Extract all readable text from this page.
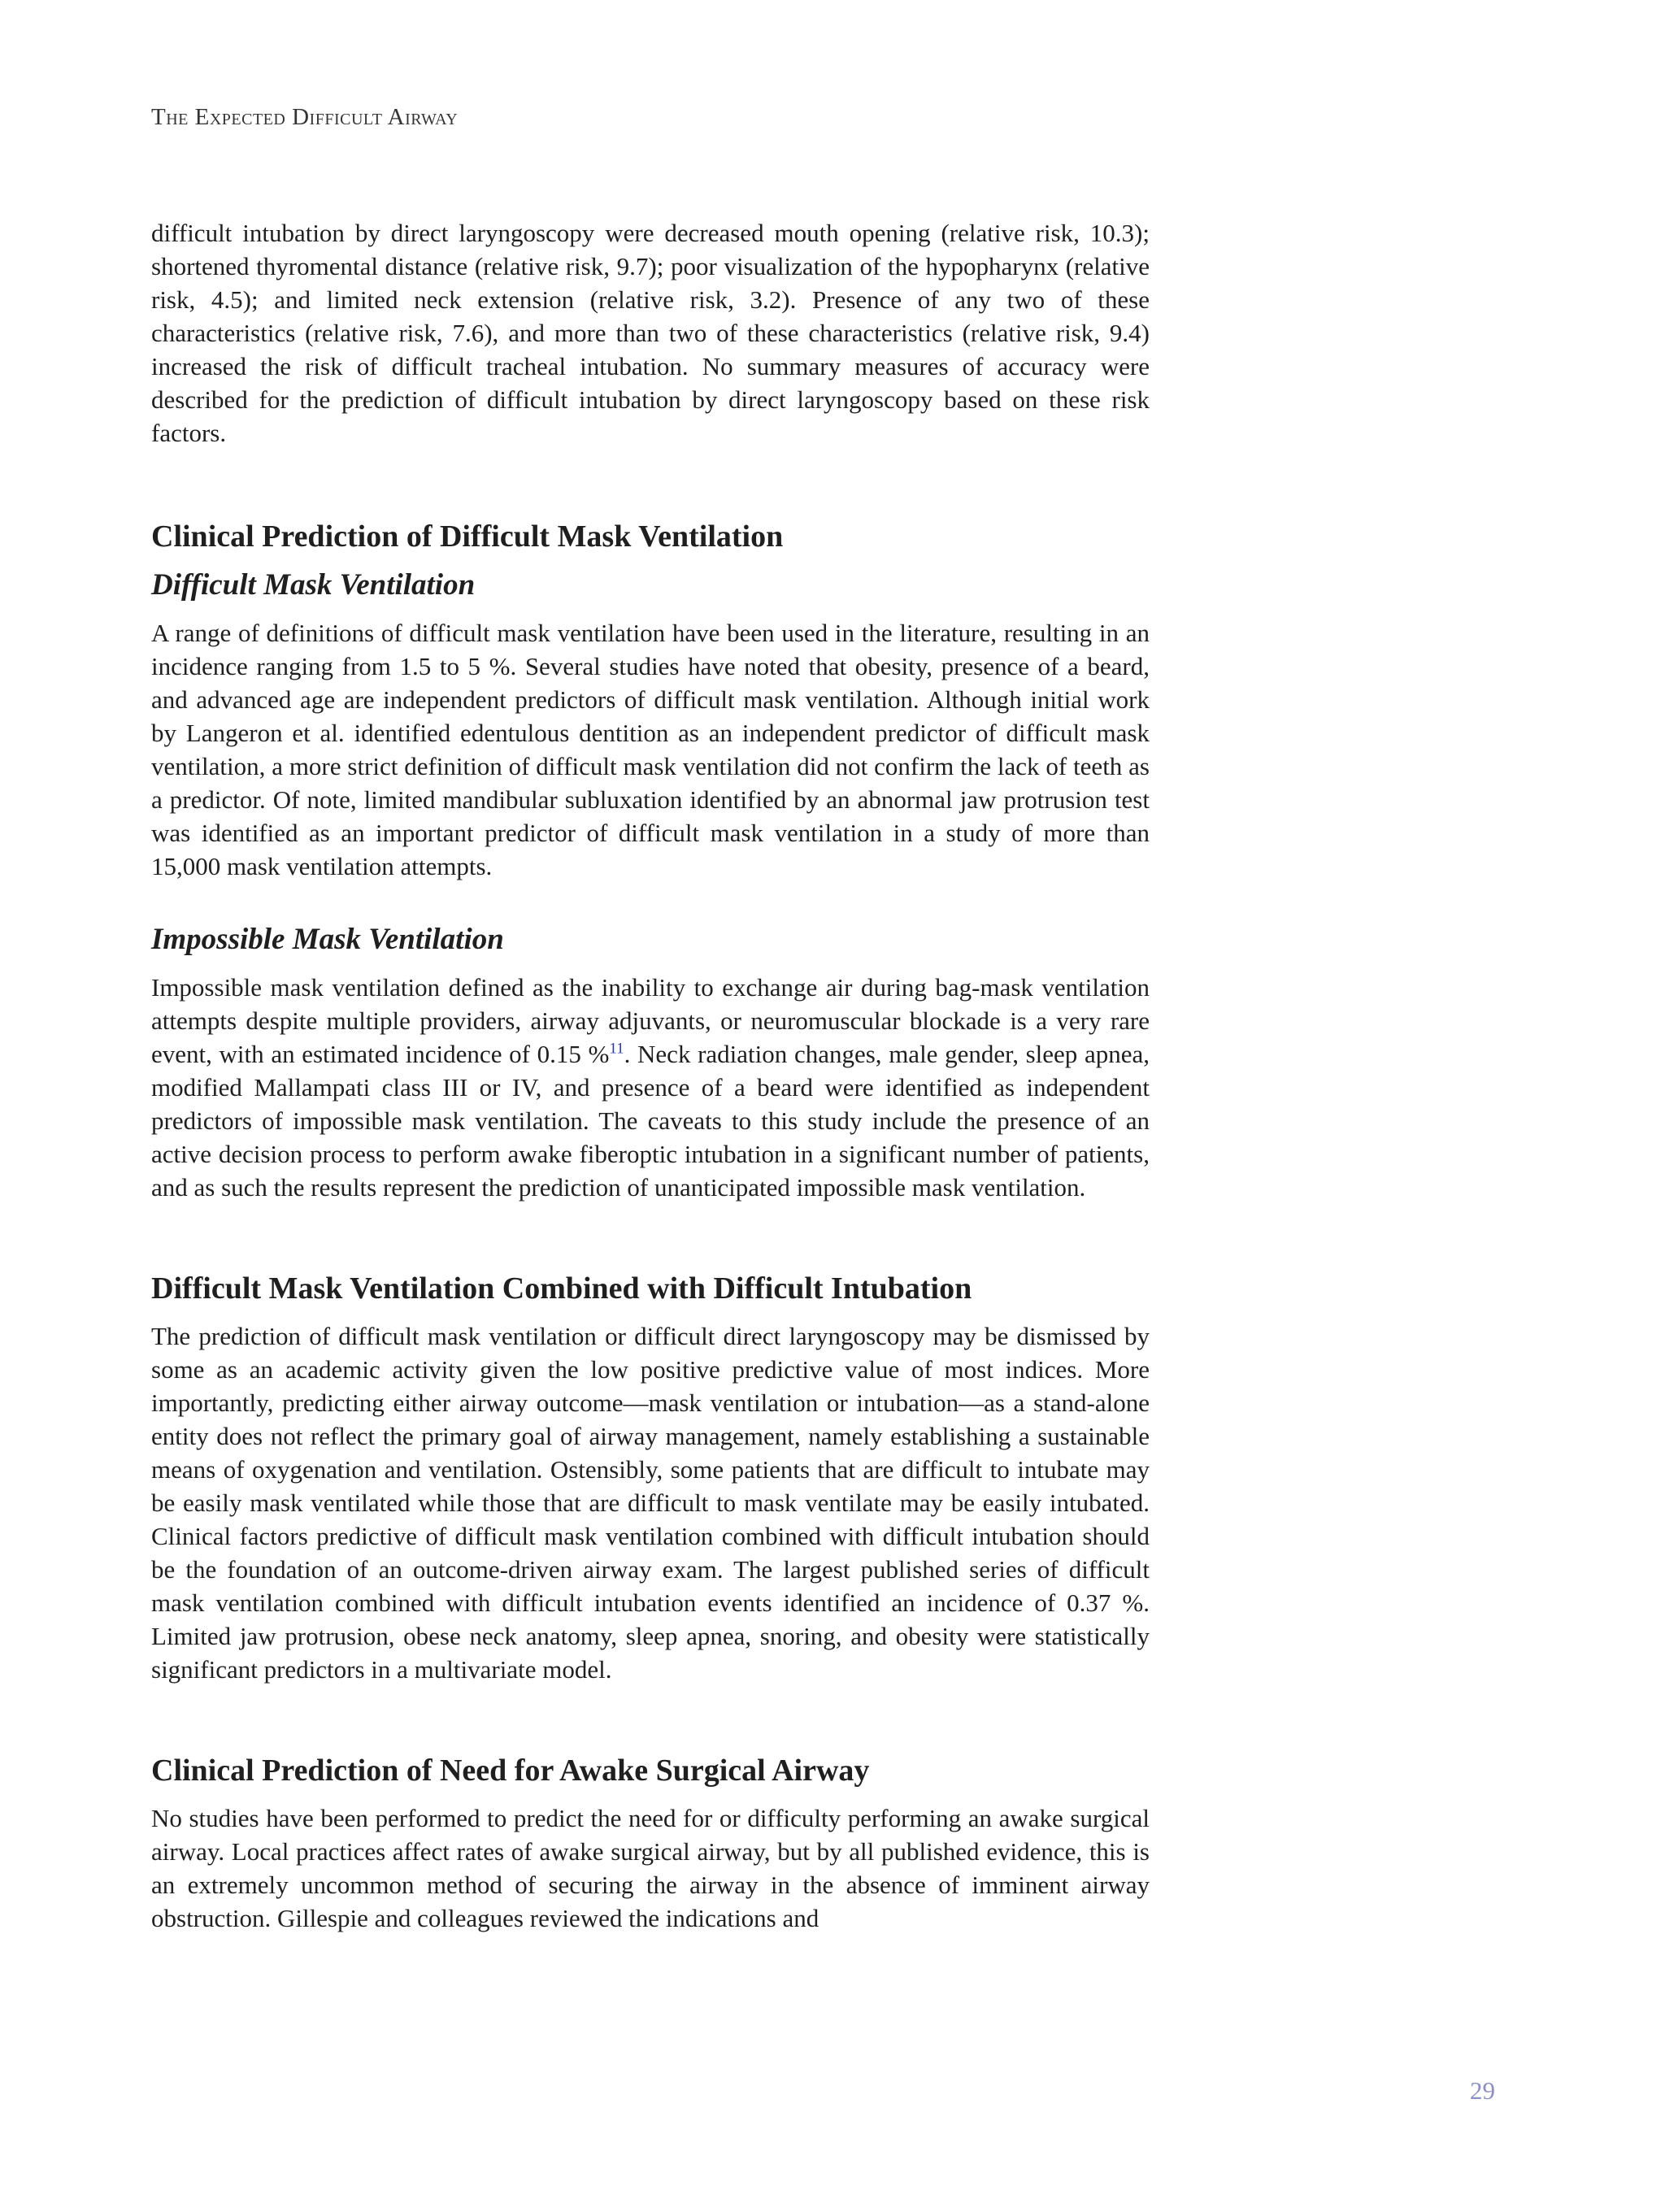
The Expected Difficult Airway

difficult intubation by direct laryngoscopy were decreased mouth opening (relative risk, 10.3); shortened thyromental distance (relative risk, 9.7); poor visualization of the hypopharynx (relative risk, 4.5); and limited neck extension (relative risk, 3.2). Presence of any two of these characteristics (relative risk, 7.6), and more than two of these characteristics (relative risk, 9.4) increased the risk of difficult tracheal intubation. No summary measures of accuracy were described for the prediction of difficult intubation by direct laryngoscopy based on these risk factors.

Clinical Prediction of Difficult Mask Ventilation
Difficult Mask Ventilation

A range of definitions of difficult mask ventilation have been used in the literature, resulting in an incidence ranging from 1.5 to 5 %. Several studies have noted that obesity, presence of a beard, and advanced age are independent predictors of difficult mask ventilation. Although initial work by Langeron et al. identified edentulous dentition as an independent predictor of difficult mask ventilation, a more strict definition of difficult mask ventilation did not confirm the lack of teeth as a predictor. Of note, limited mandibular subluxation identified by an abnormal jaw protrusion test was identified as an important predictor of difficult mask ventilation in a study of more than 15,000 mask ventilation attempts.

Impossible Mask Ventilation

Impossible mask ventilation defined as the inability to exchange air during bag-mask ventilation attempts despite multiple providers, airway adjuvants, or neuromuscular blockade is a very rare event, with an estimated incidence of 0.15 %$^{11}$. Neck radiation changes, male gender, sleep apnea, modified Mallampati class III or IV, and presence of a beard were identified as independent predictors of impossible mask ventilation. The caveats to this study include the presence of an active decision process to perform awake fiberoptic intubation in a significant number of patients, and as such the results represent the prediction of unanticipated impossible mask ventilation.

Difficult Mask Ventilation Combined with Difficult Intubation

The prediction of difficult mask ventilation or difficult direct laryngoscopy may be dismissed by some as an academic activity given the low positive predictive value of most indices. More importantly, predicting either airway outcome—mask ventilation or intubation—as a stand-alone entity does not reflect the primary goal of airway management, namely establishing a sustainable means of oxygenation and ventilation. Ostensibly, some patients that are difficult to intubate may be easily mask ventilated while those that are difficult to mask ventilate may be easily intubated. Clinical factors predictive of difficult mask ventilation combined with difficult intubation should be the foundation of an outcome-driven airway exam. The largest published series of difficult mask ventilation combined with difficult intubation events identified an incidence of 0.37 %. Limited jaw protrusion, obese neck anatomy, sleep apnea, snoring, and obesity were statistically significant predictors in a multivariate model.

Clinical Prediction of Need for Awake Surgical Airway

No studies have been performed to predict the need for or difficulty performing an awake surgical airway. Local practices affect rates of awake surgical airway, but by all published evidence, this is an extremely uncommon method of securing the airway in the absence of imminent airway obstruction. Gillespie and colleagues reviewed the indications and

29
